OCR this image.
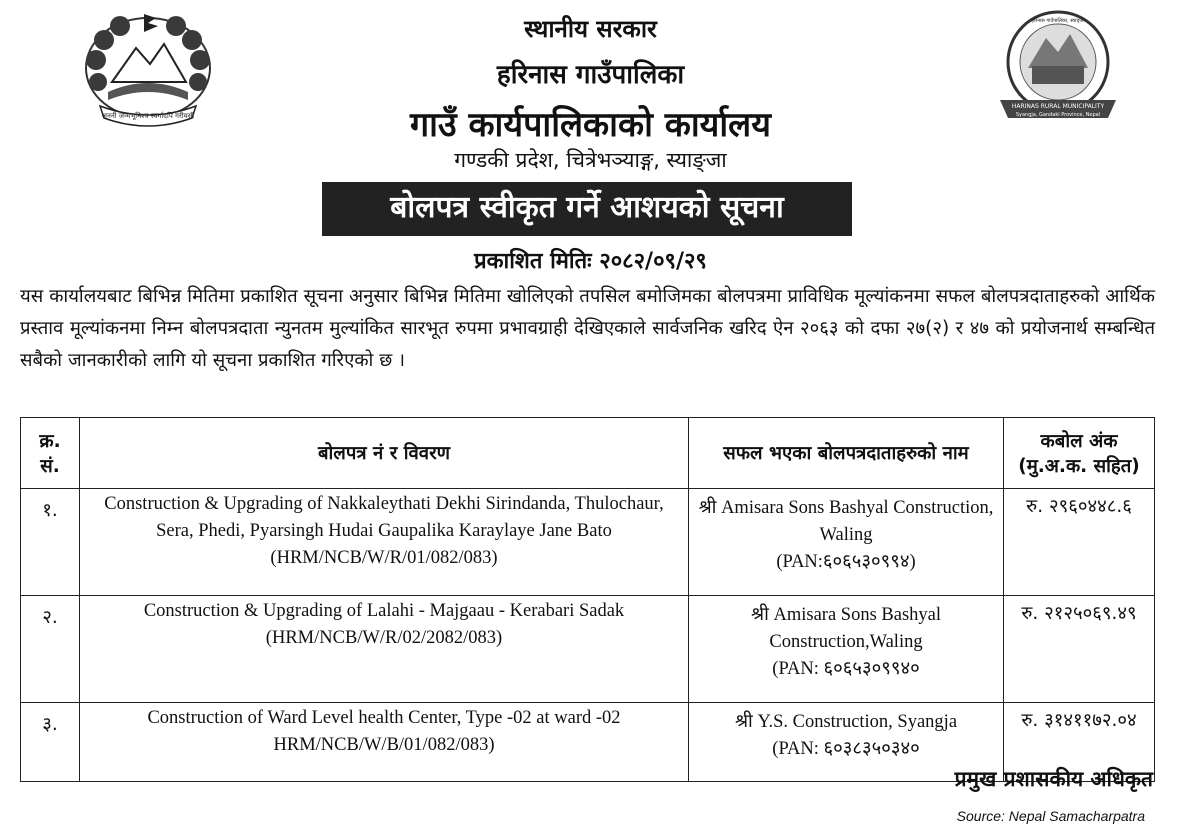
जननी जन्मभूमिश्च स्वर्गादपि गरीयसी
HARINAS RURAL MUNICIPALITY
Syangja, Gandaki Province, Nepal
हरिनास गाउँपालिका, स्याङ्जा
स्थानीय सरकार
हरिनास गाउँपालिका
गाउँ कार्यपालिकाको कार्यालय
गण्डकी प्रदेश, चित्रेभञ्याङ्ग, स्याङ्जा
बोलपत्र स्वीकृत गर्ने आशयको सूचना
प्रकाशित मितिः २०८२/०९/२९
यस कार्यालयबाट बिभिन्न मितिमा प्रकाशित सूचना अनुसार बिभिन्न मितिमा खोलिएको तपसिल बमोजिमका बोलपत्रमा प्राविधिक मूल्यांकनमा सफल बोलपत्रदाताहरुको आर्थिक प्रस्ताव मूल्यांकनमा निम्न बोलपत्रदाता न्युनतम मुल्यांकित सारभूत रुपमा प्रभावग्राही देखिएकाले सार्वजनिक खरिद ऐन २०६३ को दफा २७(२) र ४७ को प्रयोजनार्थ सम्बन्धित सबैको जानकारीको लागि यो सूचना प्रकाशित गरिएको छ ।
क्र.
सं.	बोलपत्र नं र विवरण	सफल भएका बोलपत्रदाताहरुको नाम	कबोल अंक
(मु.अ.क. सहित)
१.	Construction & Upgrading of Nakkaleythati Dekhi Sirindanda, Thulochaur, Sera, Phedi, Pyarsingh Hudai Gaupalika Karaylaye Jane Bato (HRM/NCB/W/R/01/082/083)	श्री Amisara Sons Bashyal Construction, Waling
(PAN:६०६५३०९९४)	रु. २९६०४४८.६
२.	Construction & Upgrading of Lalahi - Majgaau - Kerabari Sadak (HRM/NCB/W/R/02/2082/083)	श्री Amisara Sons Bashyal Construction,Waling
(PAN: ६०६५३०९९४०	रु. २१२५०६९.४९
३.	Construction of Ward Level health Center, Type -02 at ward -02 HRM/NCB/W/B/01/082/083)	श्री Y.S. Construction, Syangja
(PAN: ६०३८३५०३४०	रु. ३१४११७२.०४
प्रमुख प्रशासकीय अधिकृत
Source: Nepal Samacharpatra
